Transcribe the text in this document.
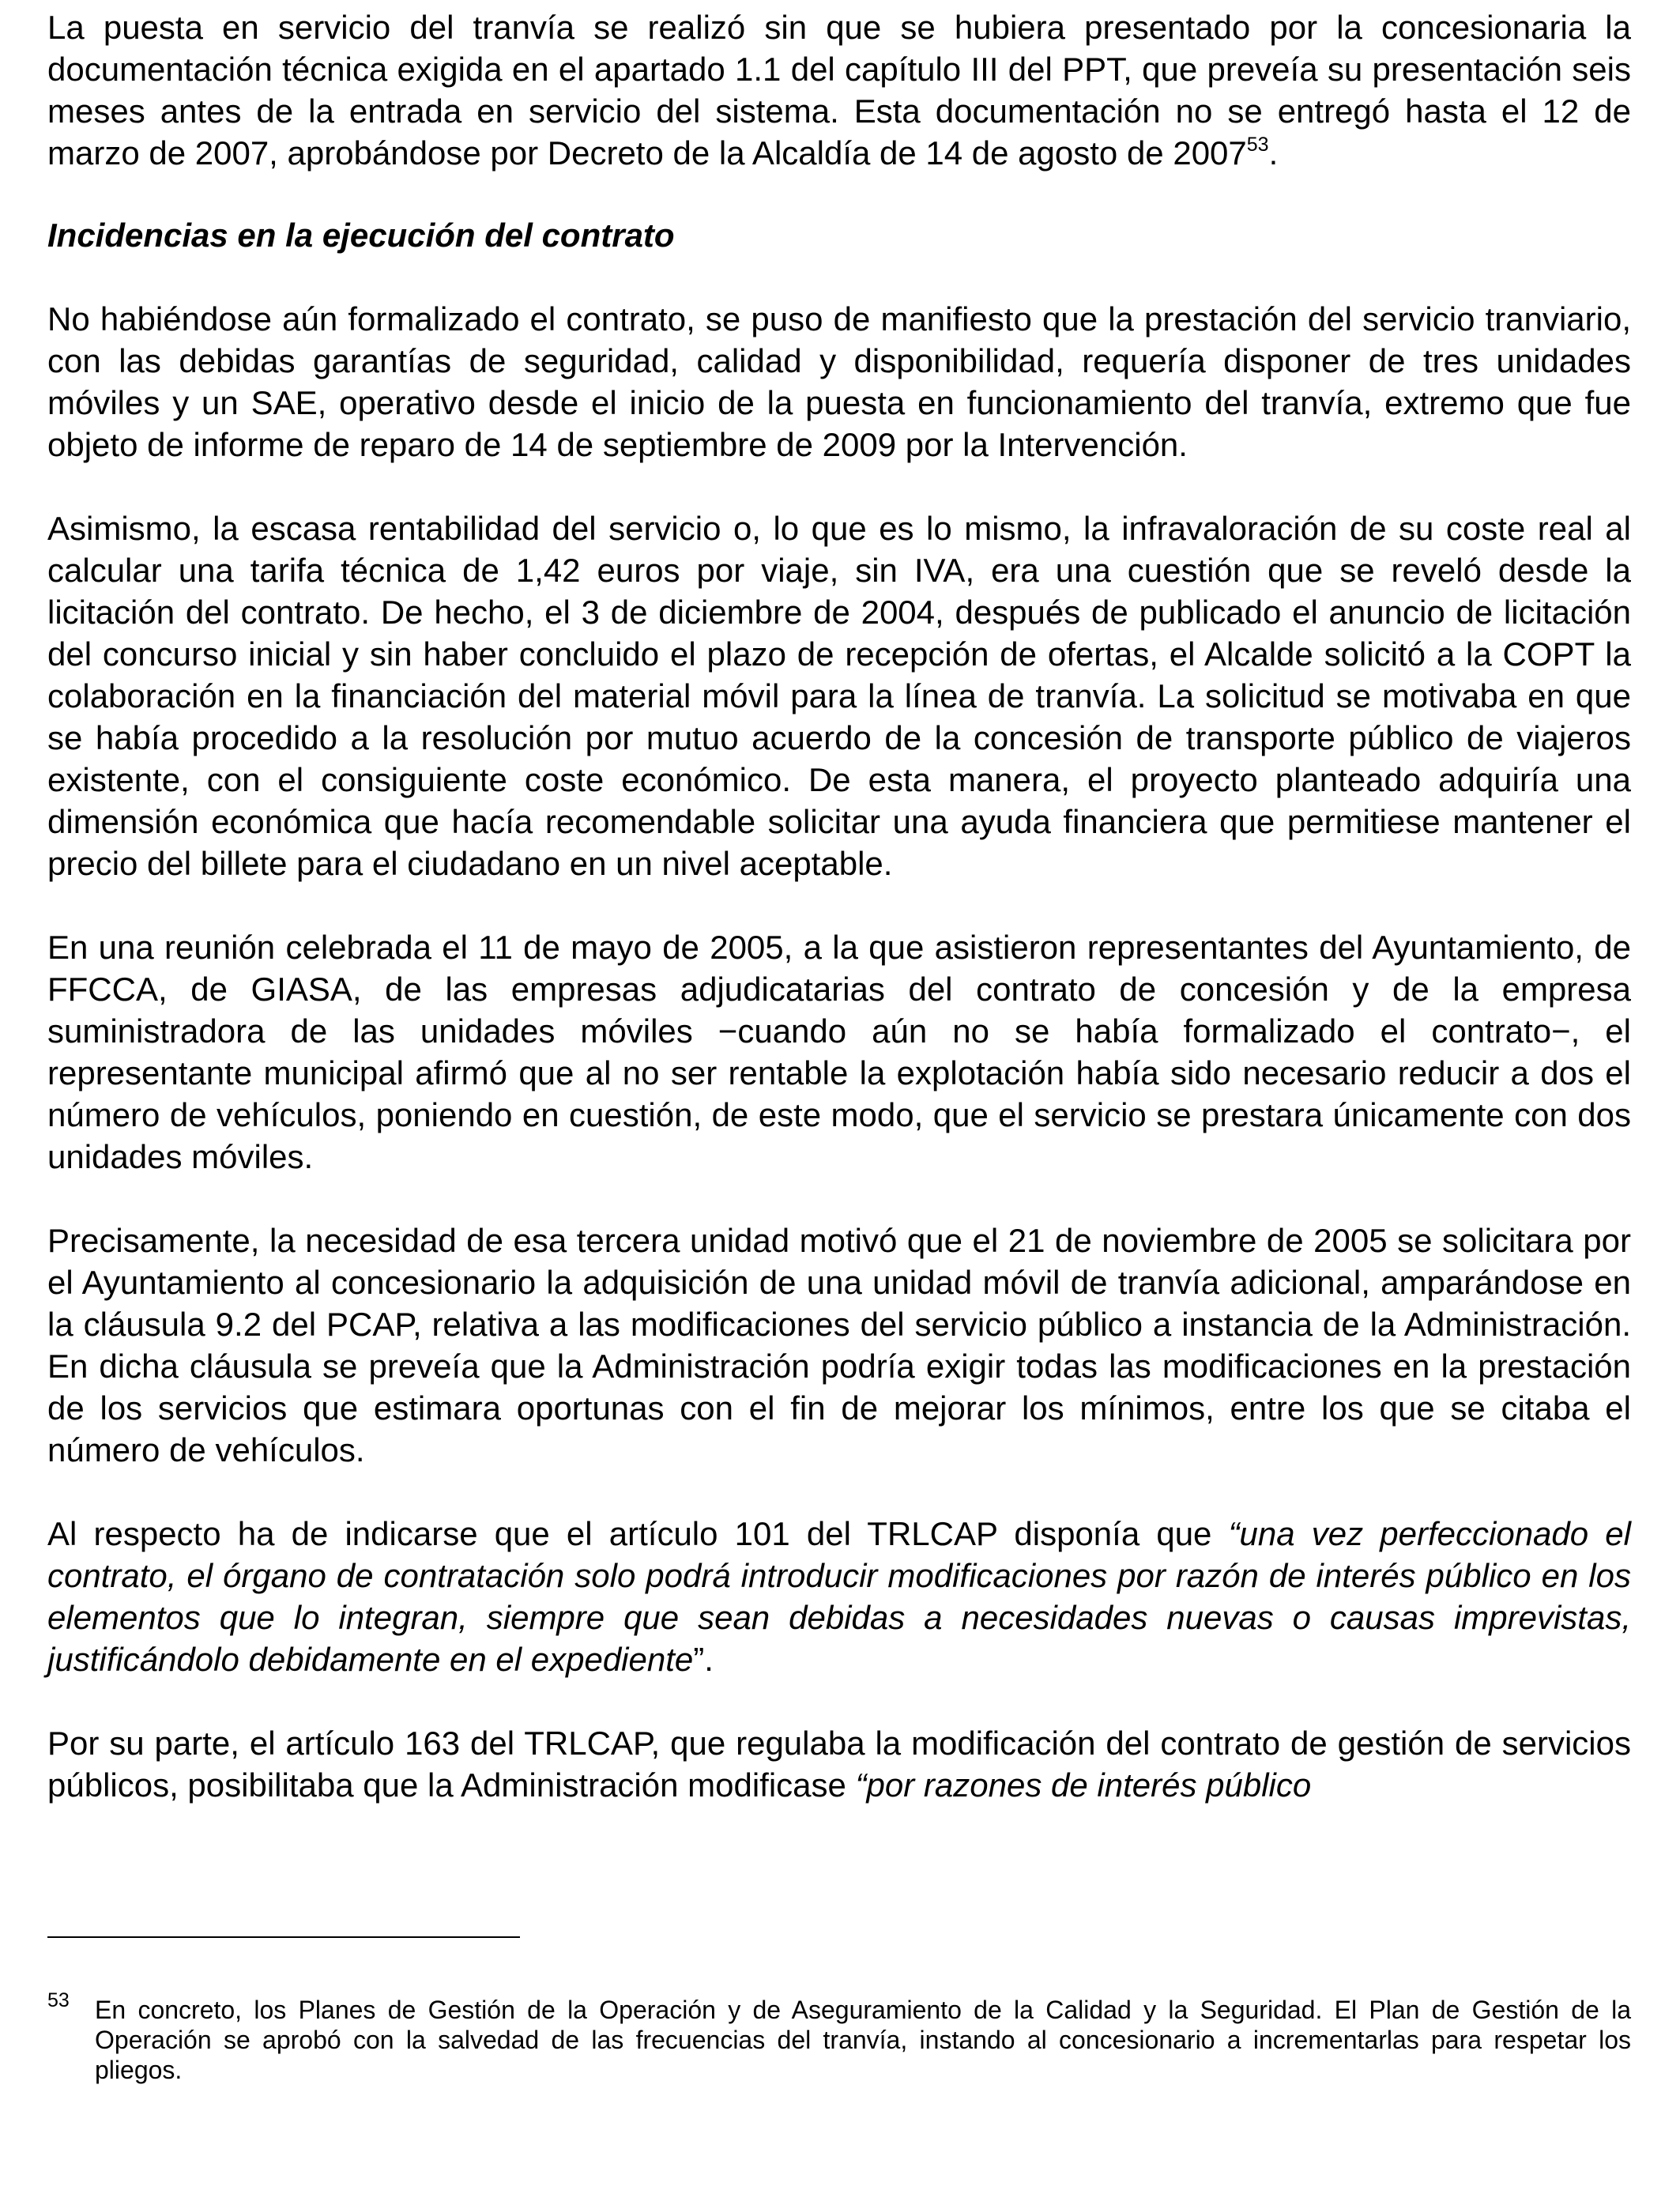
La puesta en servicio del tranvía se realizó sin que se hubiera presentado por la concesionaria la documentación técnica exigida en el apartado 1.1 del capítulo III del PPT, que preveía su presentación seis meses antes de la entrada en servicio del sistema. Esta documentación no se entregó hasta el 12 de marzo de 2007, aprobándose por Decreto de la Alcaldía de 14 de agosto de 2007$^{53}$.

Incidencias en la ejecución del contrato

No habiéndose aún formalizado el contrato, se puso de manifiesto que la prestación del servicio tranviario, con las debidas garantías de seguridad, calidad y disponibilidad, requería disponer de tres unidades móviles y un SAE, operativo desde el inicio de la puesta en funcionamiento del tranvía, extremo que fue objeto de informe de reparo de 14 de septiembre de 2009 por la Intervención.

Asimismo, la escasa rentabilidad del servicio o, lo que es lo mismo, la infravaloración de su coste real al calcular una tarifa técnica de 1,42 euros por viaje, sin IVA, era una cuestión que se reveló desde la licitación del contrato. De hecho, el 3 de diciembre de 2004, después de publicado el anuncio de licitación del concurso inicial y sin haber concluido el plazo de recepción de ofertas, el Alcalde solicitó a la COPT la colaboración en la financiación del material móvil para la línea de tranvía. La solicitud se motivaba en que se había procedido a la resolución por mutuo acuerdo de la concesión de transporte público de viajeros existente, con el consiguiente coste económico. De esta manera, el proyecto planteado adquiría una dimensión económica que hacía recomendable solicitar una ayuda financiera que permitiese mantener el precio del billete para el ciudadano en un nivel aceptable.

En una reunión celebrada el 11 de mayo de 2005, a la que asistieron representantes del Ayuntamiento, de FFCCA, de GIASA, de las empresas adjudicatarias del contrato de concesión y de la empresa suministradora de las unidades móviles −cuando aún no se había formalizado el contrato−, el representante municipal afirmó que al no ser rentable la explotación había sido necesario reducir a dos el número de vehículos, poniendo en cuestión, de este modo, que el servicio se prestara únicamente con dos unidades móviles.

Precisamente, la necesidad de esa tercera unidad motivó que el 21 de noviembre de 2005 se solicitara por el Ayuntamiento al concesionario la adquisición de una unidad móvil de tranvía adicional, amparándose en la cláusula 9.2 del PCAP, relativa a las modificaciones del servicio público a instancia de la Administración. En dicha cláusula se preveía que la Administración podría exigir todas las modificaciones en la prestación de los servicios que estimara oportunas con el fin de mejorar los mínimos, entre los que se citaba el número de vehículos.

Al respecto ha de indicarse que el artículo 101 del TRLCAP disponía que “una vez perfeccionado el contrato, el órgano de contratación solo podrá introducir modificaciones por razón de interés público en los elementos que lo integran, siempre que sean debidas a necesidades nuevas o causas imprevistas, justificándolo debidamente en el expediente”.

Por su parte, el artículo 163 del TRLCAP, que regulaba la modificación del contrato de gestión de servicios públicos, posibilitaba que la Administración modificase “por razones de interés público

53 En concreto, los Planes de Gestión de la Operación y de Aseguramiento de la Calidad y la Seguridad. El Plan de Gestión de la Operación se aprobó con la salvedad de las frecuencias del tranvía, instando al concesionario a incrementarlas para respetar los pliegos.
